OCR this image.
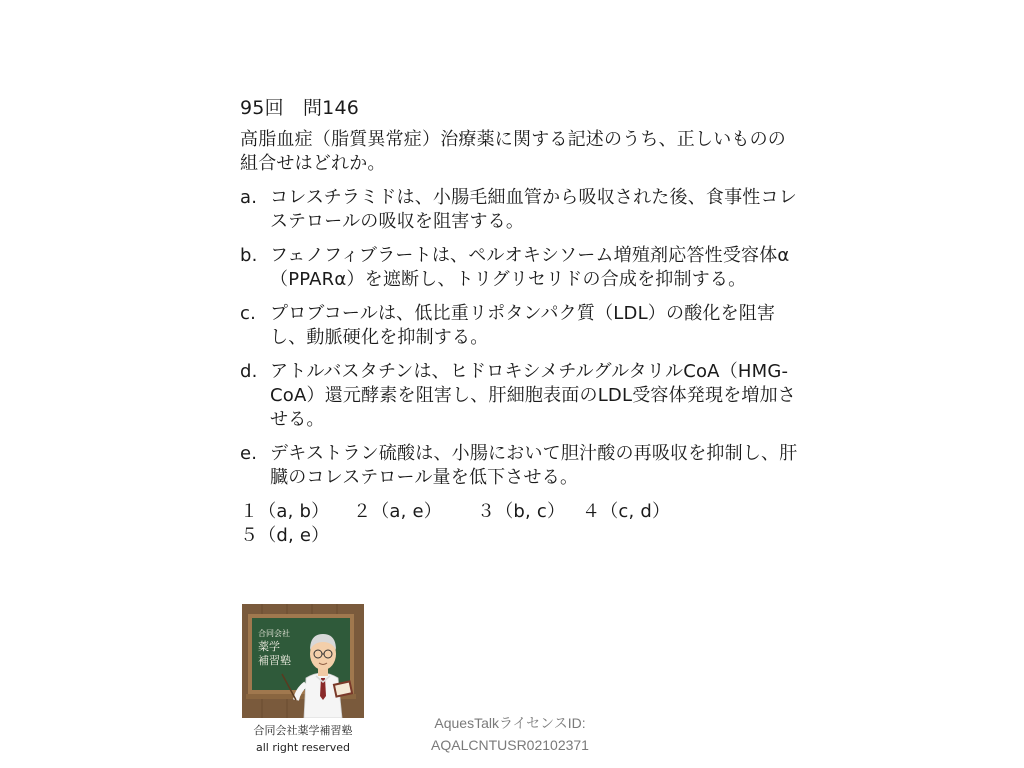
95回　問146
高脂血症（脂質異常症）治療薬に関する記述のうち、正しいものの組合せはどれか。
a. コレスチラミドは、小腸毛細血管から吸収された後、食事性コレステロールの吸収を阻害する。
b. フェノフィブラートは、ペルオキシソーム増殖剤応答性受容体α（PPARα）を遮断し、トリグリセリドの合成を抑制する。
c. プロブコールは、低比重リポタンパク質（LDL）の酸化を阻害し、動脈硬化を抑制する。
d. アトルバスタチンは、ヒドロキシメチルグルタリルCoA（HMG-CoA）還元酵素を阻害し、肝細胞表面のLDL受容体発現を増加させる。
e. デキストラン硫酸は、小腸において胆汁酸の再吸収を抑制し、肝臓のコレステロール量を低下させる。
１（a, b）	２（a, e）	３（b, c） ４（c, d）
５（d, e）
合同会社
薬学
補習塾
合同会社薬学補習塾
all right reserved
AquesTalkライセンスID:
AQALCNTUSR02102371
